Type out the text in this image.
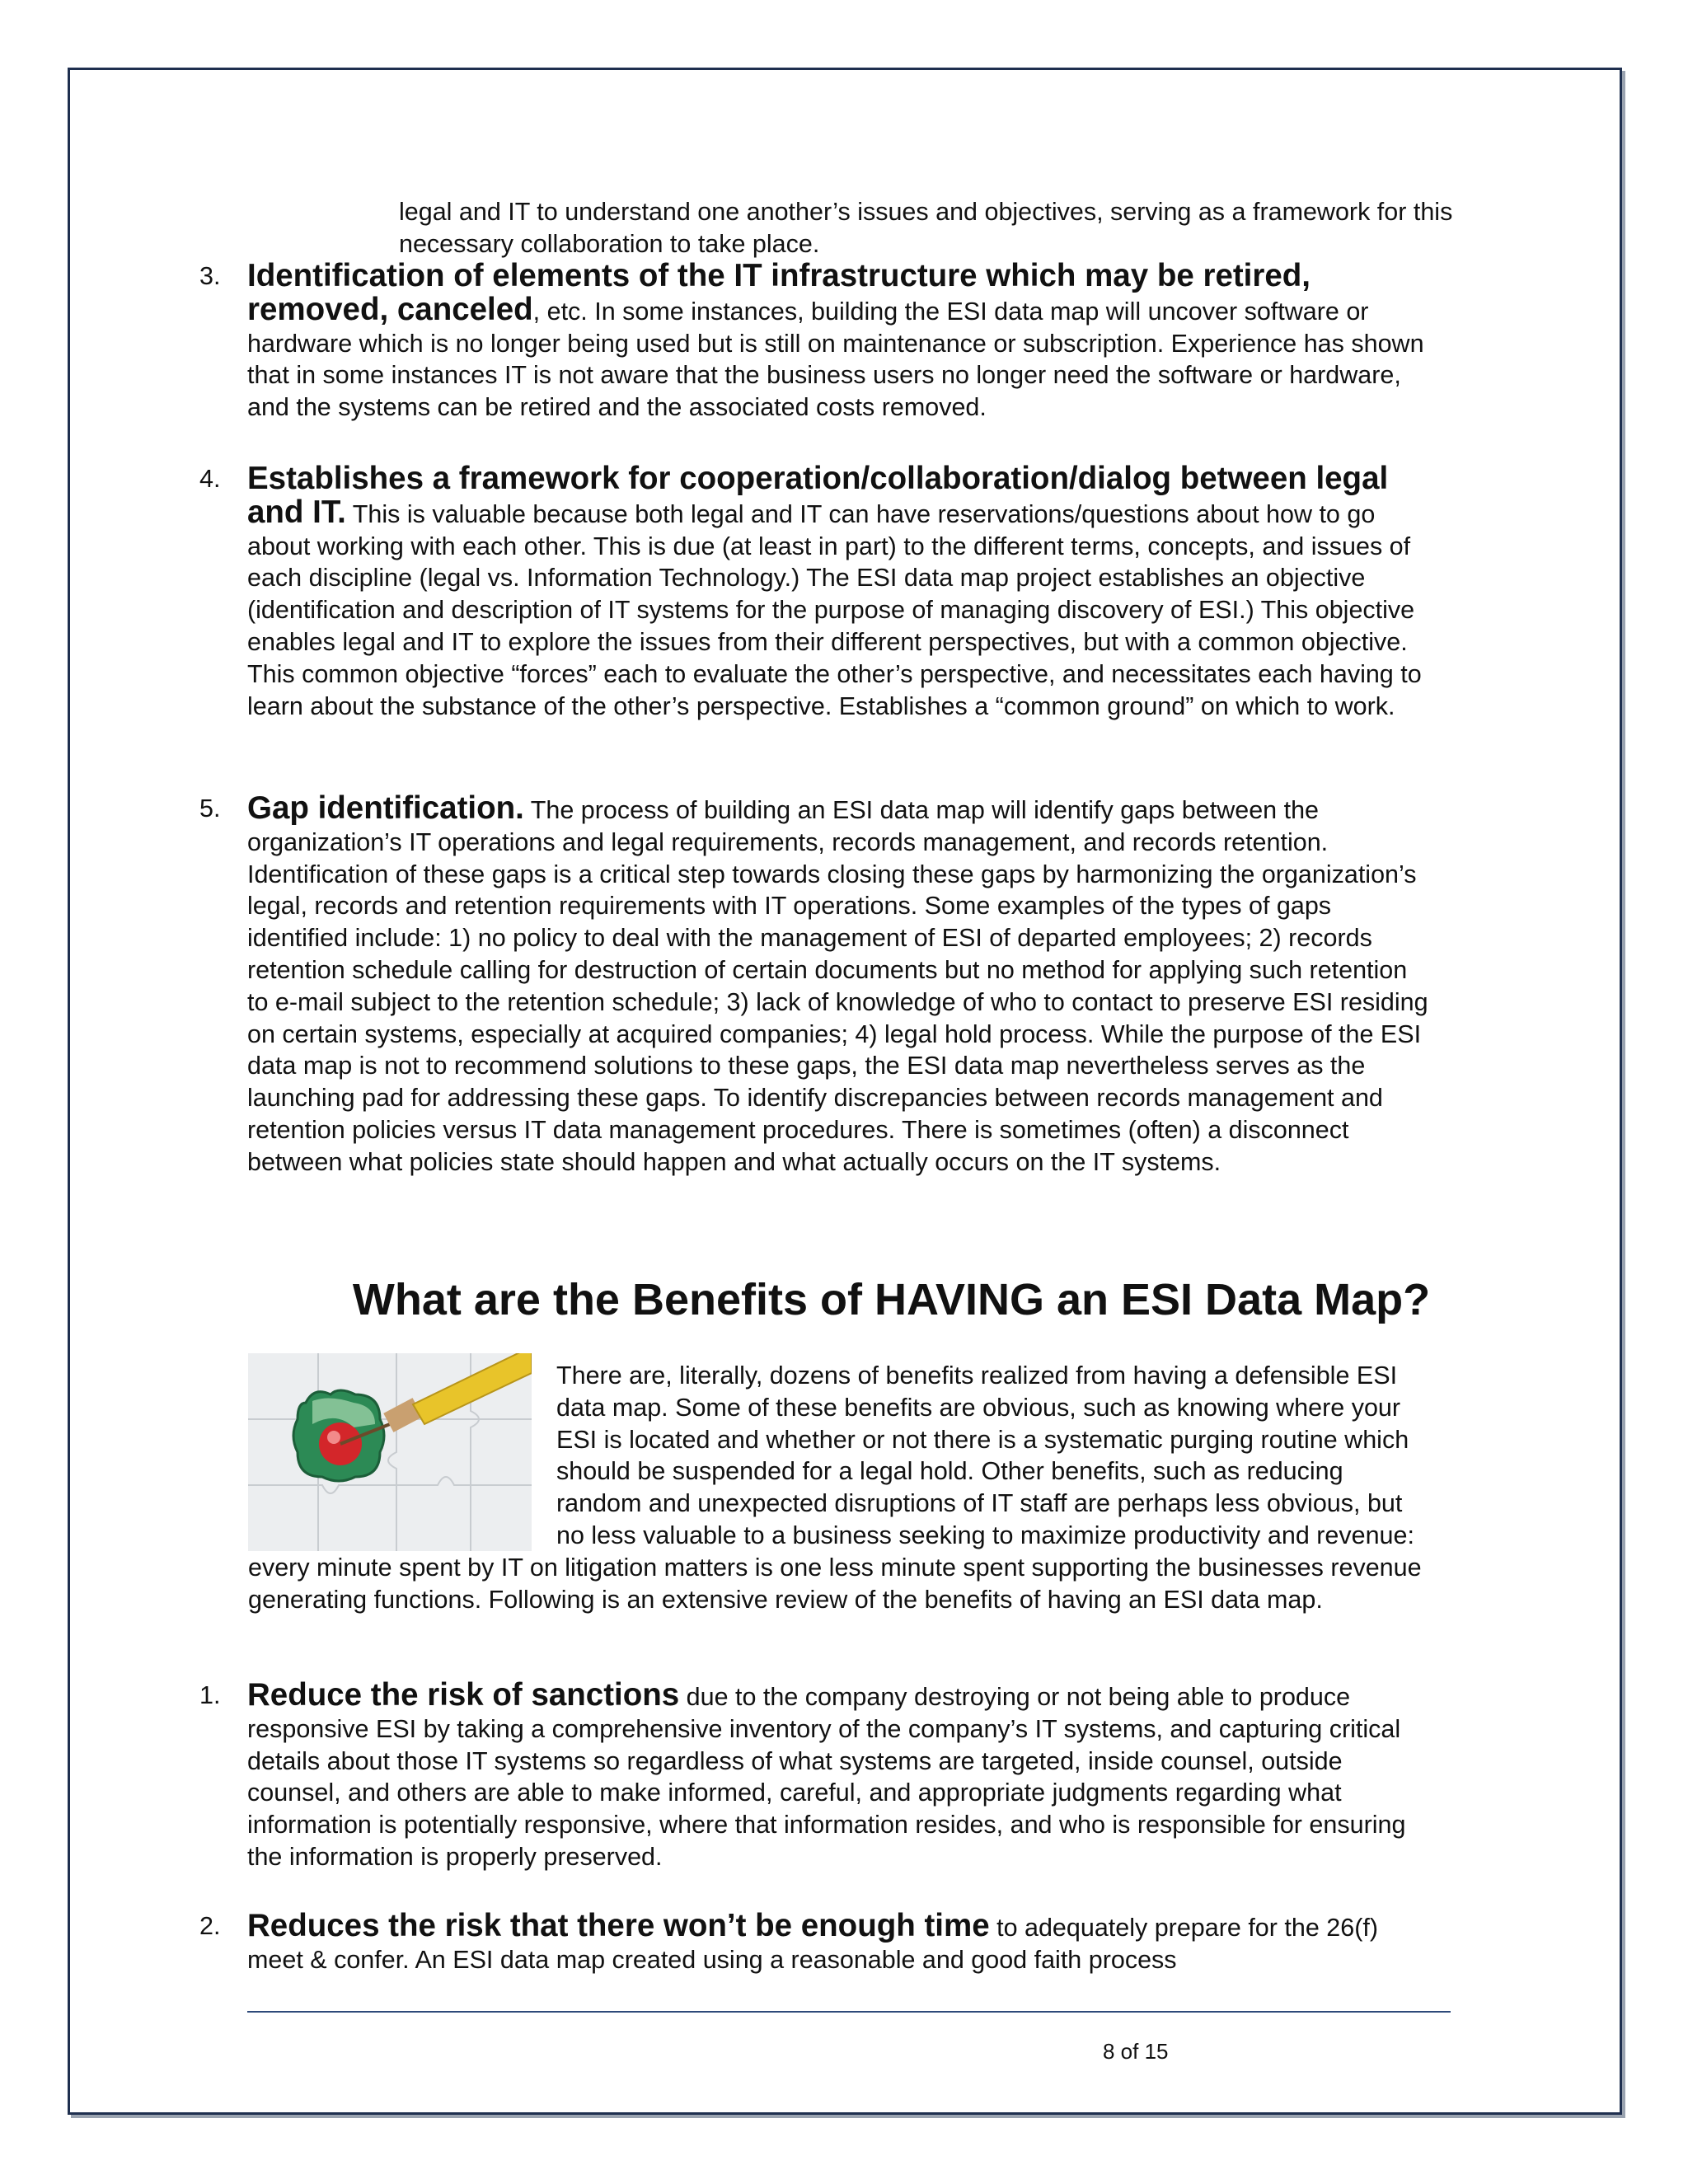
legal and IT to understand one another’s issues and objectives, serving as a framework for this necessary collaboration to take place.
3. Identification of elements of the IT infrastructure which may be retired, removed, canceled, etc. In some instances, building the ESI data map will uncover software or hardware which is no longer being used but is still on maintenance or subscription. Experience has shown that in some instances IT is not aware that the business users no longer need the software or hardware, and the systems can be retired and the associated costs removed.
4. Establishes a framework for cooperation/collaboration/dialog between legal and IT. This is valuable because both legal and IT can have reservations/questions about how to go about working with each other. This is due (at least in part) to the different terms, concepts, and issues of each discipline (legal vs. Information Technology.) The ESI data map project establishes an objective (identification and description of IT systems for the purpose of managing discovery of ESI.) This objective enables legal and IT to explore the issues from their different perspectives, but with a common objective. This common objective “forces” each to evaluate the other’s perspective, and necessitates each having to learn about the substance of the other’s perspective. Establishes a “common ground” on which to work.
5. Gap identification. The process of building an ESI data map will identify gaps between the organization’s IT operations and legal requirements, records management, and records retention. Identification of these gaps is a critical step towards closing these gaps by harmonizing the organization’s legal, records and retention requirements with IT operations. Some examples of the types of gaps identified include: 1) no policy to deal with the management of ESI of departed employees; 2) records retention schedule calling for destruction of certain documents but no method for applying such retention to e-mail subject to the retention schedule; 3) lack of knowledge of who to contact to preserve ESI residing on certain systems, especially at acquired companies; 4) legal hold process. While the purpose of the ESI data map is not to recommend solutions to these gaps, the ESI data map nevertheless serves as the launching pad for addressing these gaps. To identify discrepancies between records management and retention policies versus IT data management procedures. There is sometimes (often) a disconnect between what policies state should happen and what actually occurs on the IT systems.
What are the Benefits of HAVING an ESI Data Map?
There are, literally, dozens of benefits realized from having a defensible ESI data map. Some of these benefits are obvious, such as knowing where your ESI is located and whether or not there is a systematic purging routine which should be suspended for a legal hold. Other benefits, such as reducing random and unexpected disruptions of IT staff are perhaps less obvious, but no less valuable to a business seeking to maximize productivity and revenue: every minute spent by IT on litigation matters is one less minute spent supporting the businesses revenue generating functions. Following is an extensive review of the benefits of having an ESI data map.
1. Reduce the risk of sanctions due to the company destroying or not being able to produce responsive ESI by taking a comprehensive inventory of the company’s IT systems, and capturing critical details about those IT systems so regardless of what systems are targeted, inside counsel, outside counsel, and others are able to make informed, careful, and appropriate judgments regarding what information is potentially responsive, where that information resides, and who is responsible for ensuring the information is properly preserved.
2. Reduces the risk that there won’t be enough time to adequately prepare for the 26(f) meet & confer. An ESI data map created using a reasonable and good faith process
8 of 15
